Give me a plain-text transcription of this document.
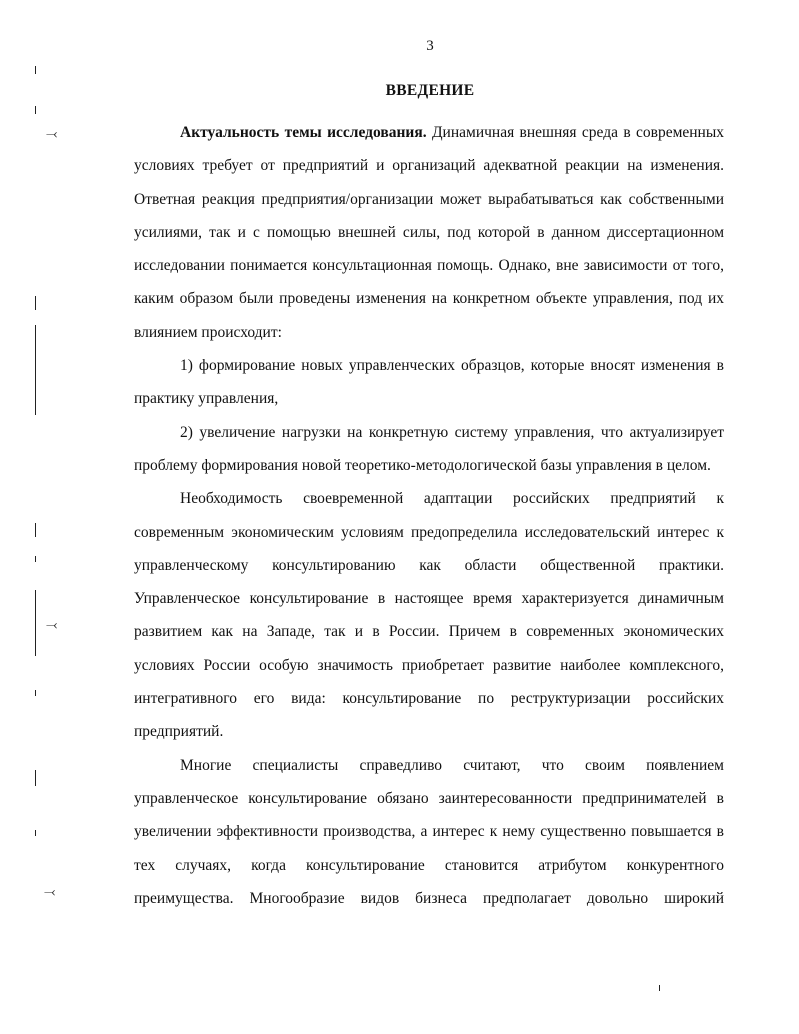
3
ВВЕДЕНИЕ

Актуальность темы исследования. Динамичная внешняя среда в современных условиях требует от предприятий и организаций адекватной реакции на изменения. Ответная реакция предприятия/организации может вырабатываться как собственными усилиями, так и с помощью внешней силы, под которой в данном диссертационном исследовании понимается консультационная помощь. Однако, вне зависимости от того, каким образом были проведены изменения на конкретном объекте управления, под их влиянием происходит:

1) формирование новых управленческих образцов, которые вносят изменения в практику управления,

2) увеличение нагрузки на конкретную систему управления, что актуализирует проблему формирования новой теоретико-методологической базы управления в целом.

Необходимость своевременной адаптации российских предприятий к современным экономическим условиям предопределила исследовательский интерес к управленческому консультированию как области общественной практики. Управленческое консультирование в настоящее время характеризуется динамичным развитием как на Западе, так и в России. Причем в современных экономических условиях России особую значимость приобретает развитие наиболее комплексного, интегративного его вида: консультирование по реструктуризации российских предприятий.

Многие специалисты справедливо считают, что своим появлением управленческое консультирование обязано заинтересованности предпринимателей в увеличении эффективности производства, а интерес к нему существенно повышается в тех случаях, когда консультирование становится атрибутом конкурентного преимущества. Многообразие видов бизнеса предполагает довольно широкий

⤙
⤙
⤙
